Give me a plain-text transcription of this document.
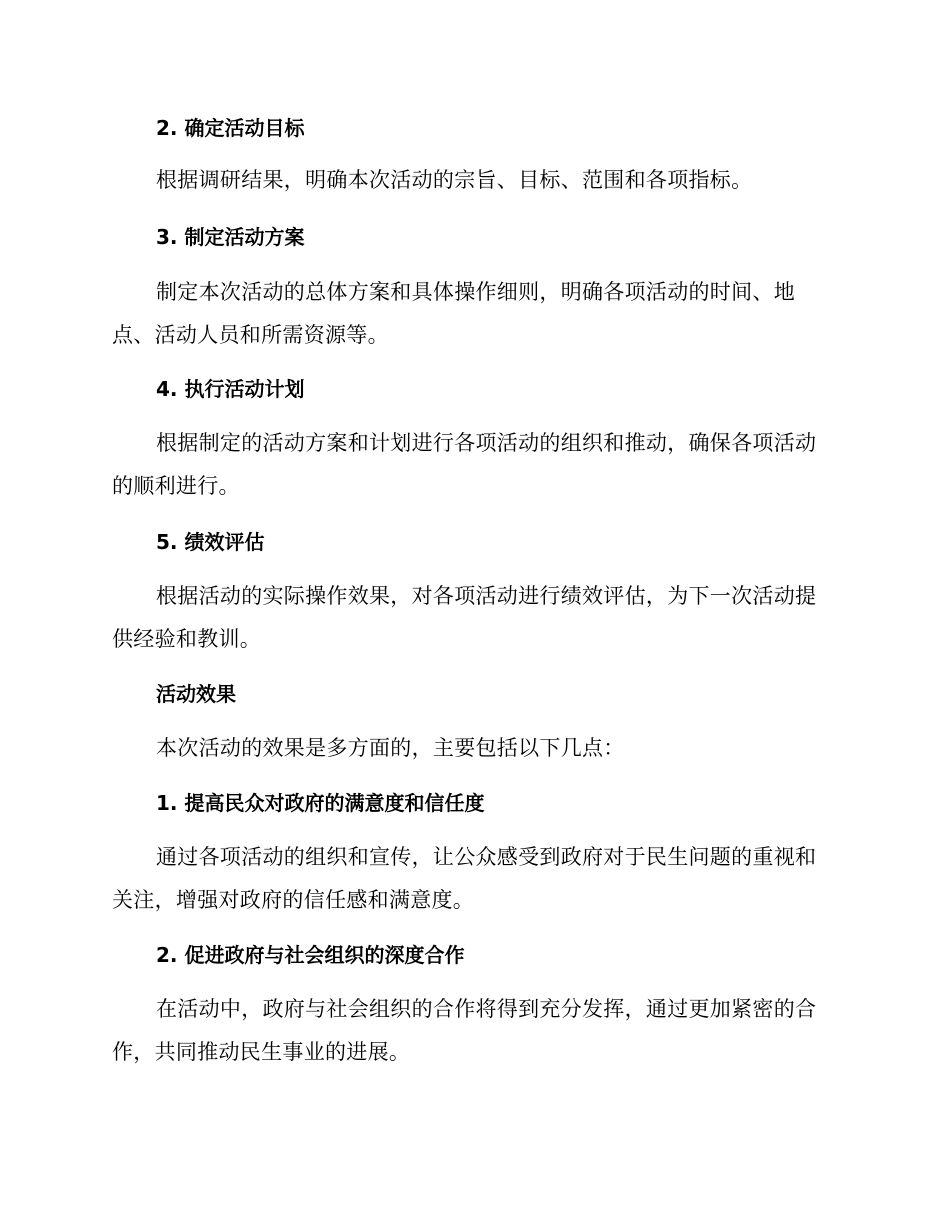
2. 确定活动目标

根据调研结果，明确本次活动的宗旨、目标、范围和各项指标。

3. 制定活动方案

制定本次活动的总体方案和具体操作细则，明确各项活动的时间、地点、活动人员和所需资源等。

4. 执行活动计划

根据制定的活动方案和计划进行各项活动的组织和推动，确保各项活动的顺利进行。

5. 绩效评估

根据活动的实际操作效果，对各项活动进行绩效评估，为下一次活动提供经验和教训。

活动效果

本次活动的效果是多方面的，主要包括以下几点：

1. 提高民众对政府的满意度和信任度

通过各项活动的组织和宣传，让公众感受到政府对于民生问题的重视和关注，增强对政府的信任感和满意度。

2. 促进政府与社会组织的深度合作

在活动中，政府与社会组织的合作将得到充分发挥，通过更加紧密的合作，共同推动民生事业的进展。
